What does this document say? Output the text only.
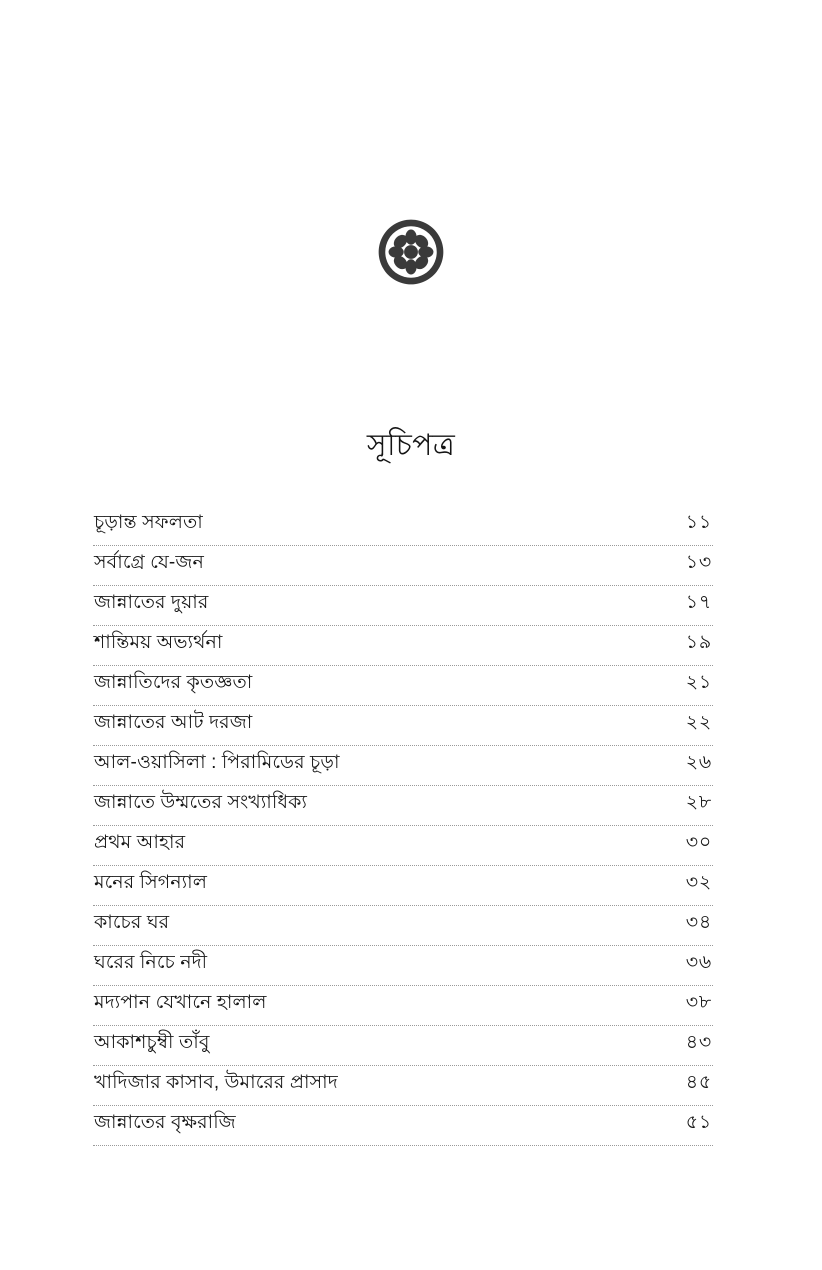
সূচিপত্র
চূড়ান্ত সফলতা	১১
সর্বাগ্রে যে-জন	১৩
জান্নাতের দুয়ার	১৭
শান্তিময় অভ্যর্থনা	১৯
জান্নাতিদের কৃতজ্ঞতা	২১
জান্নাতের আট দরজা	২২
আল-ওয়াসিলা : পিরামিডের চূড়া	২৬
জান্নাতে উম্মতের সংখ্যাধিক্য	২৮
প্রথম আহার	৩০
মনের সিগন্যাল	৩২
কাচের ঘর	৩৪
ঘরের নিচে নদী	৩৬
মদ্যপান যেখানে হালাল	৩৮
আকাশচুম্বী তাঁবু	৪৩
খাদিজার কাসাব, উমারের প্রাসাদ	৪৫
জান্নাতের বৃক্ষরাজি	৫১
